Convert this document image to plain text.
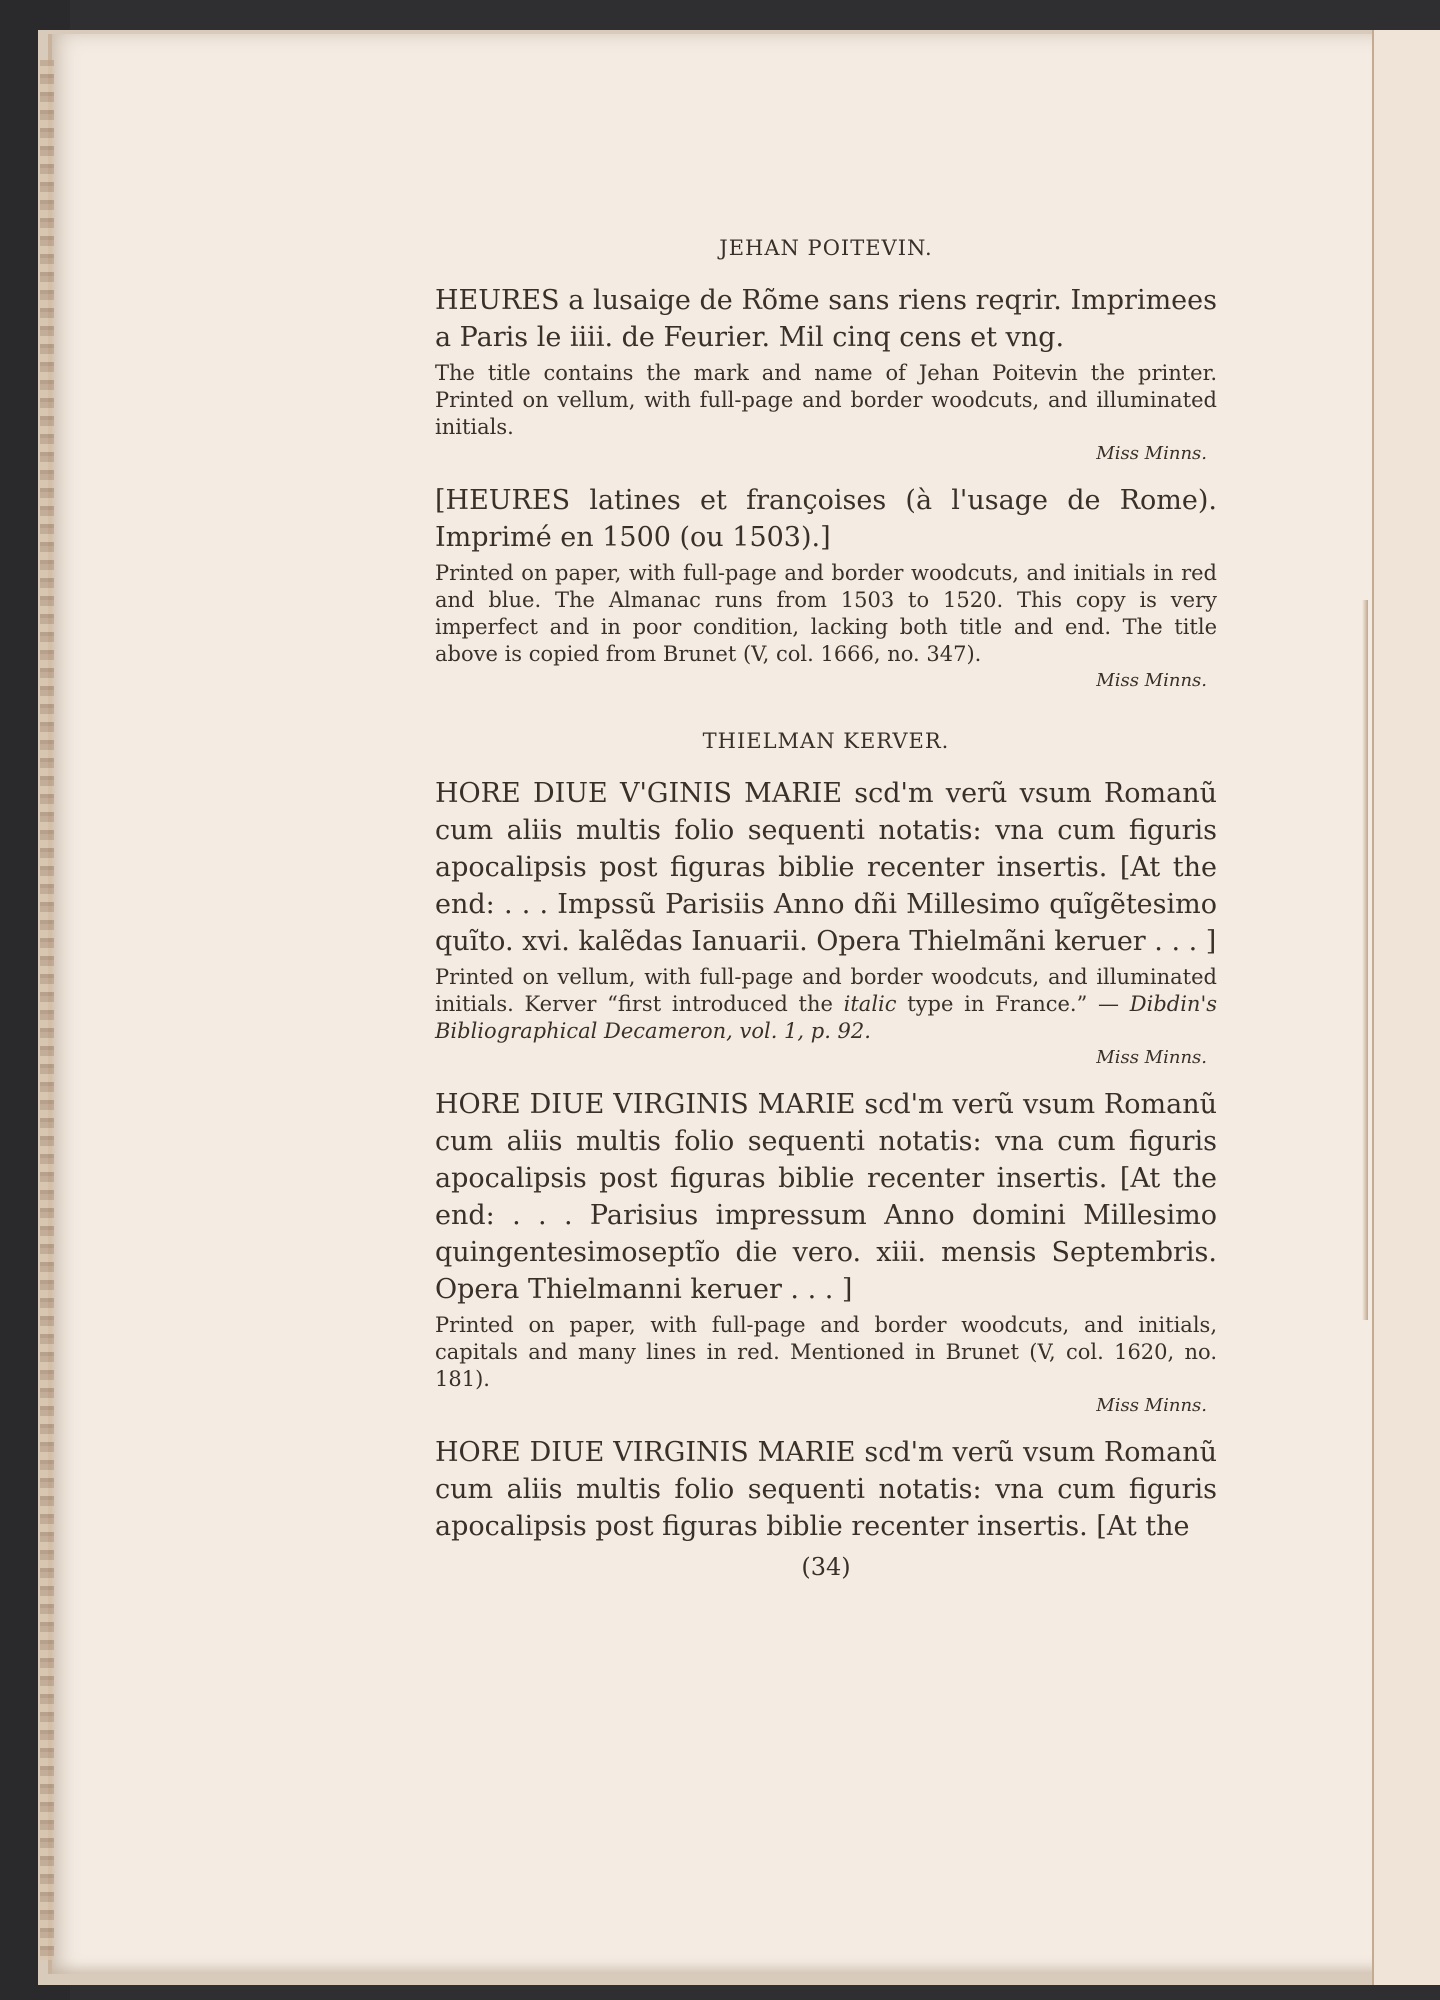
JEHAN POITEVIN.

HEURES a lusaige de Rõme sans riens reqrir. Imprimees a Paris le iiii. de Feurier. Mil cinq cens et vng.

The title contains the mark and name of Jehan Poitevin the printer. Printed on vellum, with full-page and border woodcuts, and illuminated initials.

Miss Minns.

[HEURES latines et françoises (à l'usage de Rome). Imprimé en 1500 (ou 1503).]

Printed on paper, with full-page and border woodcuts, and initials in red and blue. The Almanac runs from 1503 to 1520. This copy is very imperfect and in poor condition, lacking both title and end. The title above is copied from Brunet (V, col. 1666, no. 347).

Miss Minns.
THIELMAN KERVER.

HORE DIUE V'GINIS MARIE scd'm verũ vsum Romanũ cum aliis multis folio sequenti notatis: vna cum figuris apocalipsis post figuras biblie recenter insertis. [At the end: . . . Impssũ Parisiis Anno dñi Millesimo quĩgẽtesimo quĩto. xvi. kalẽdas Ianuarii. Opera Thielmãni keruer . . . ]

Printed on vellum, with full-page and border woodcuts, and illuminated initials. Kerver “first introduced the italic type in France.” — Dibdin's Bibliographical Decameron, vol. 1, p. 92.

Miss Minns.

HORE DIUE VIRGINIS MARIE scd'm verũ vsum Romanũ cum aliis multis folio sequenti notatis: vna cum figuris apocalipsis post figuras biblie recenter insertis. [At the end: . . . Parisius impressum Anno domini Millesimo quingentesimoseptĩo die vero. xiii. mensis Septembris. Opera Thielmanni keruer . . . ]

Printed on paper, with full-page and border woodcuts, and initials, capitals and many lines in red. Mentioned in Brunet (V, col. 1620, no. 181).

Miss Minns.

HORE DIUE VIRGINIS MARIE scd'm verũ vsum Romanũ cum aliis multis folio sequenti notatis: vna cum figuris apocalipsis post figuras biblie recenter insertis. [At the

(34)
